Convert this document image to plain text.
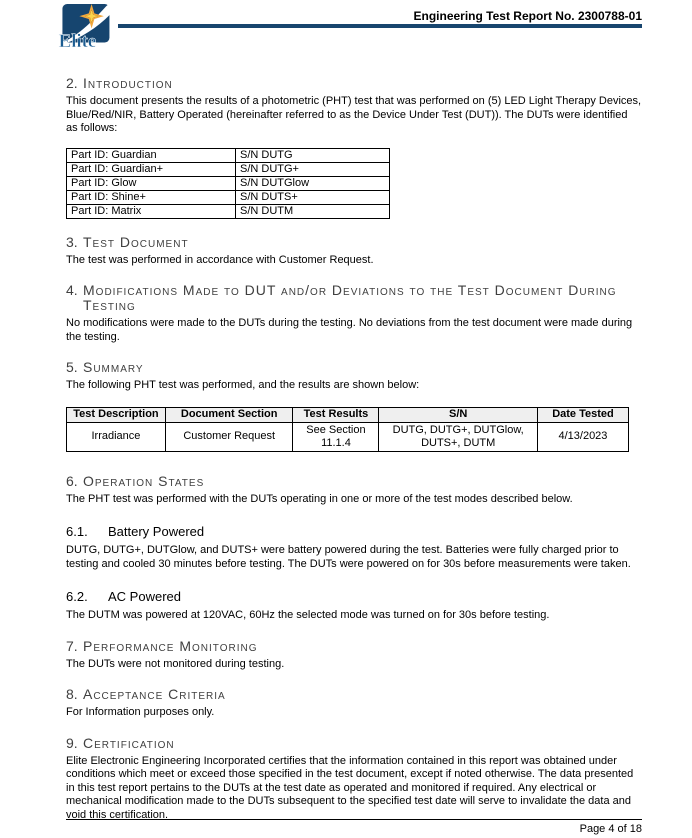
Elite
Engineering Test Report No. 2300788-01
2. Introduction

This document presents the results of a photometric (PHT) test that was performed on (5) LED Light Therapy Devices, Blue/Red/NIR, Battery Operated (hereinafter referred to as the Device Under Test (DUT)). The DUTs were identified as follows:

Part ID: Guardian	S/N DUTG
Part ID: Guardian+	S/N DUTG+
Part ID: Glow	S/N DUTGlow
Part ID: Shine+	S/N DUTS+
Part ID: Matrix	S/N DUTM
3. Test Document

The test was performed in accordance with Customer Request.

4. Modifications Made to DUT and/or Deviations to the Test Document During Testing

No modifications were made to the DUTs during the testing. No deviations from the test document were made during the testing.

5. Summary

The following PHT test was performed, and the results are shown below:

Test Description	Document Section	Test Results	S/N	Date Tested
Irradiance	Customer Request	See Section 11.1.4	DUTG, DUTG+, DUTGlow, DUTS+, DUTM	4/13/2023
6. Operation States

The PHT test was performed with the DUTs operating in one or more of the test modes described below.

6.1.	Battery Powered

DUTG, DUTG+, DUTGlow, and DUTS+ were battery powered during the test. Batteries were fully charged prior to testing and cooled 30 minutes before testing. The DUTs were powered on for 30s before measurements were taken.

6.2.	AC Powered

The DUTM was powered at 120VAC, 60Hz the selected mode was turned on for 30s before testing.

7. Performance Monitoring

The DUTs were not monitored during testing.

8. Acceptance Criteria

For Information purposes only.

9. Certification

Elite Electronic Engineering Incorporated certifies that the information contained in this report was obtained under conditions which meet or exceed those specified in the test document, except if noted otherwise. The data presented in this test report pertains to the DUTs at the test date as operated and monitored if required. Any electrical or mechanical modification made to the DUTs subsequent to the specified test date will serve to invalidate the data and void this certification.

Page 4 of 18
